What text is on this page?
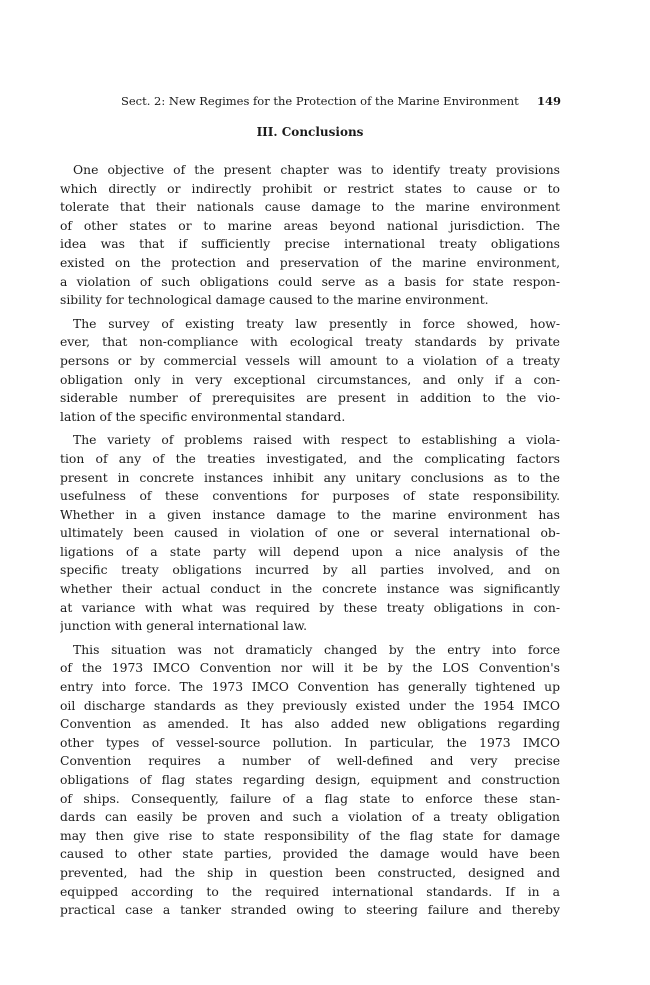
Sect. 2: New Regimes for the Protection of the Marine Environment 149
III. Conclusions
One objective of the present chapter was to identify treaty provisions
which directly or indirectly prohibit or restrict states to cause or to
tolerate that their nationals cause damage to the marine environment
of other states or to marine areas beyond national jurisdiction. The
idea was that if sufficiently precise international treaty obligations
existed on the protection and preservation of the marine environment,
a violation of such obligations could serve as a basis for state respon-
sibility for technological damage caused to the marine environment.
The survey of existing treaty law presently in force showed, how-
ever, that non-compliance with ecological treaty standards by private
persons or by commercial vessels will amount to a violation of a treaty
obligation only in very exceptional circumstances, and only if a con-
siderable number of prerequisites are present in addition to the vio-
lation of the specific environmental standard.
The variety of problems raised with respect to establishing a viola-
tion of any of the treaties investigated, and the complicating factors
present in concrete instances inhibit any unitary conclusions as to the
usefulness of these conventions for purposes of state responsibility.
Whether in a given instance damage to the marine environment has
ultimately been caused in violation of one or several international ob-
ligations of a state party will depend upon a nice analysis of the
specific treaty obligations incurred by all parties involved, and on
whether their actual conduct in the concrete instance was significantly
at variance with what was required by these treaty obligations in con-
junction with general international law.
This situation was not dramaticly changed by the entry into force
of the 1973 IMCO Convention nor will it be by the LOS Convention's
entry into force. The 1973 IMCO Convention has generally tightened up
oil discharge standards as they previously existed under the 1954 IMCO
Convention as amended. It has also added new obligations regarding
other types of vessel-source pollution. In particular, the 1973 IMCO
Convention requires a number of well-defined and very precise
obligations of flag states regarding design, equipment and construction
of ships. Consequently, failure of a flag state to enforce these stan-
dards can easily be proven and such a violation of a treaty obligation
may then give rise to state responsibility of the flag state for damage
caused to other state parties, provided the damage would have been
prevented, had the ship in question been constructed, designed and
equipped according to the required international standards. If in a
practical case a tanker stranded owing to steering failure and thereby
